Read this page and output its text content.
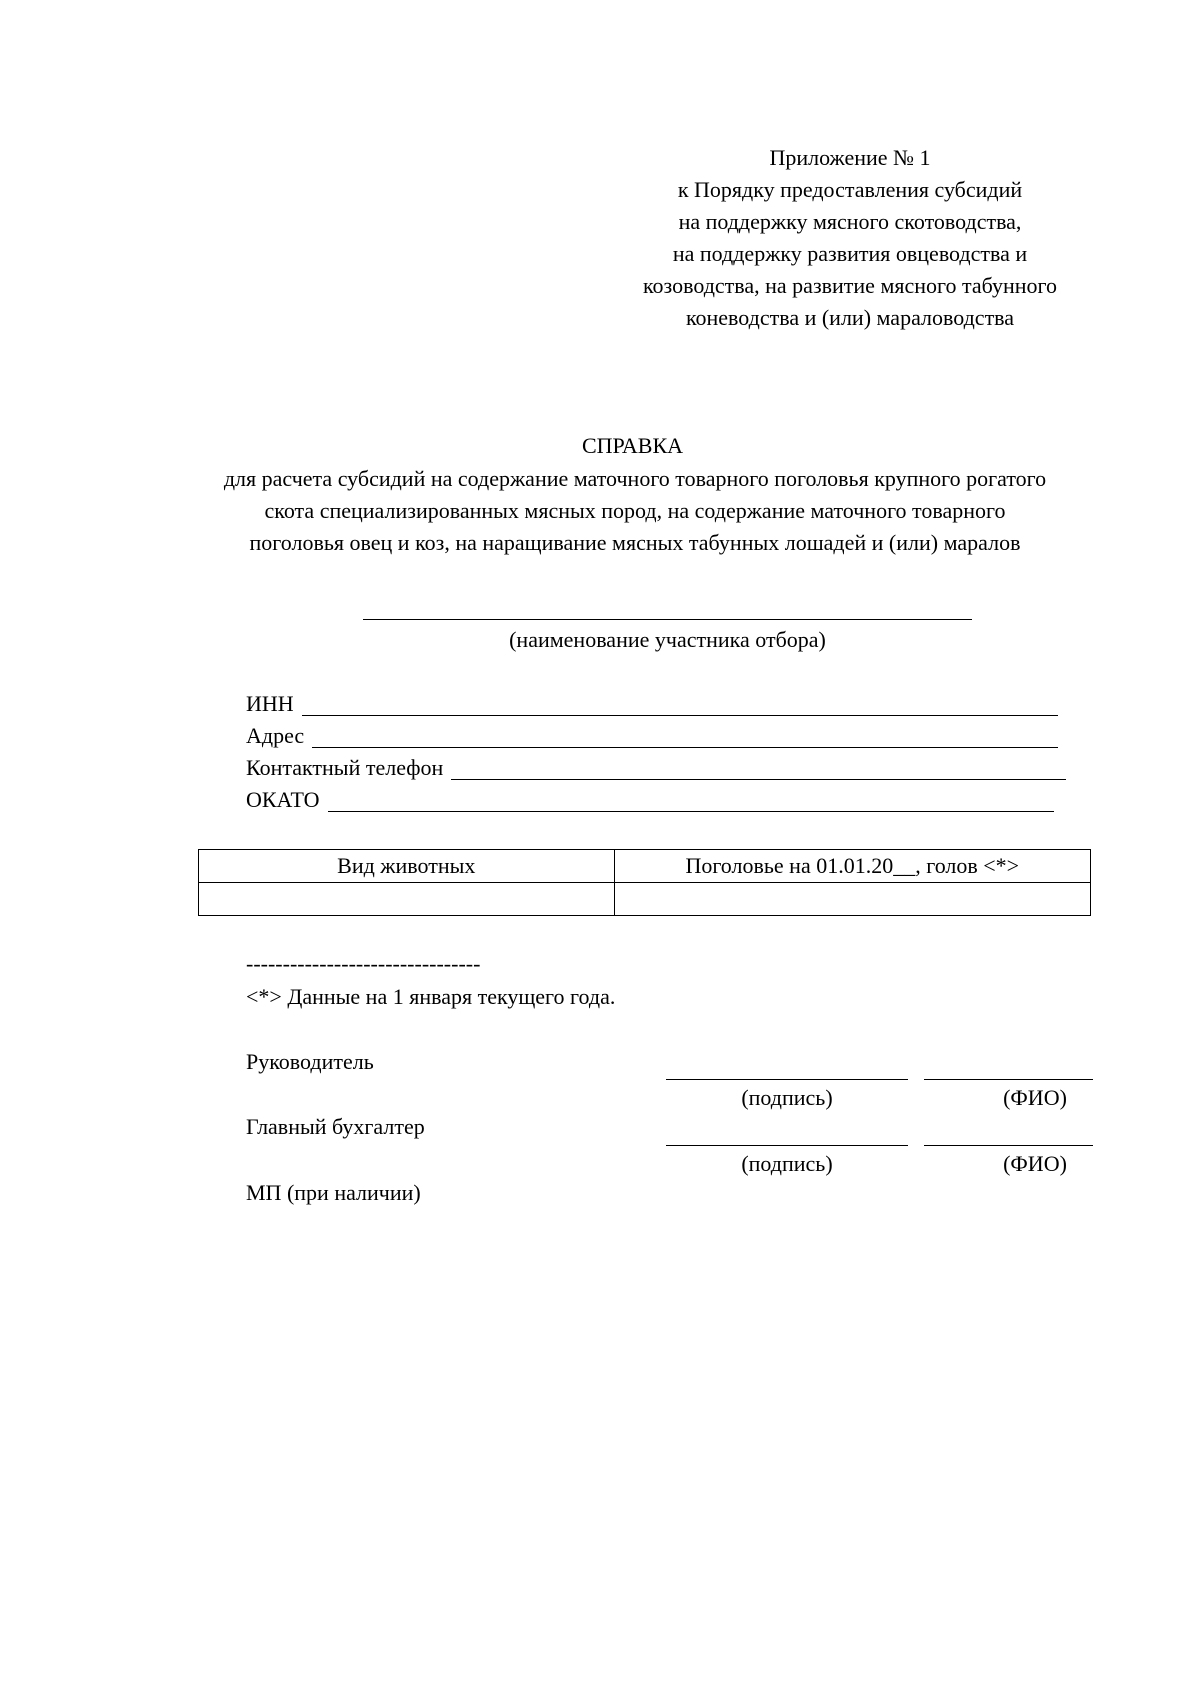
Приложение № 1
к Порядку предоставления субсидий
на поддержку мясного скотоводства,
на поддержку развития овцеводства и
козоводства, на развитие мясного табунного
коневодства и (или) мараловодства
СПРАВКА
для расчета субсидий на содержание маточного товарного поголовья крупного рогатого
скота специализированных мясных пород, на содержание маточного товарного
поголовья овец и коз, на наращивание мясных табунных лошадей и (или) маралов
(наименование участника отбора)
ИНН
Адрес
Контактный телефон
ОКАТО
Вид животных	Поголовье на 01.01.20__, голов <*>

--------------------------------
<*> Данные на 1 января текущего года.
Руководитель
(подпись)	(ФИО)
Главный бухгалтер
(подпись)	(ФИО)
МП (при наличии)
